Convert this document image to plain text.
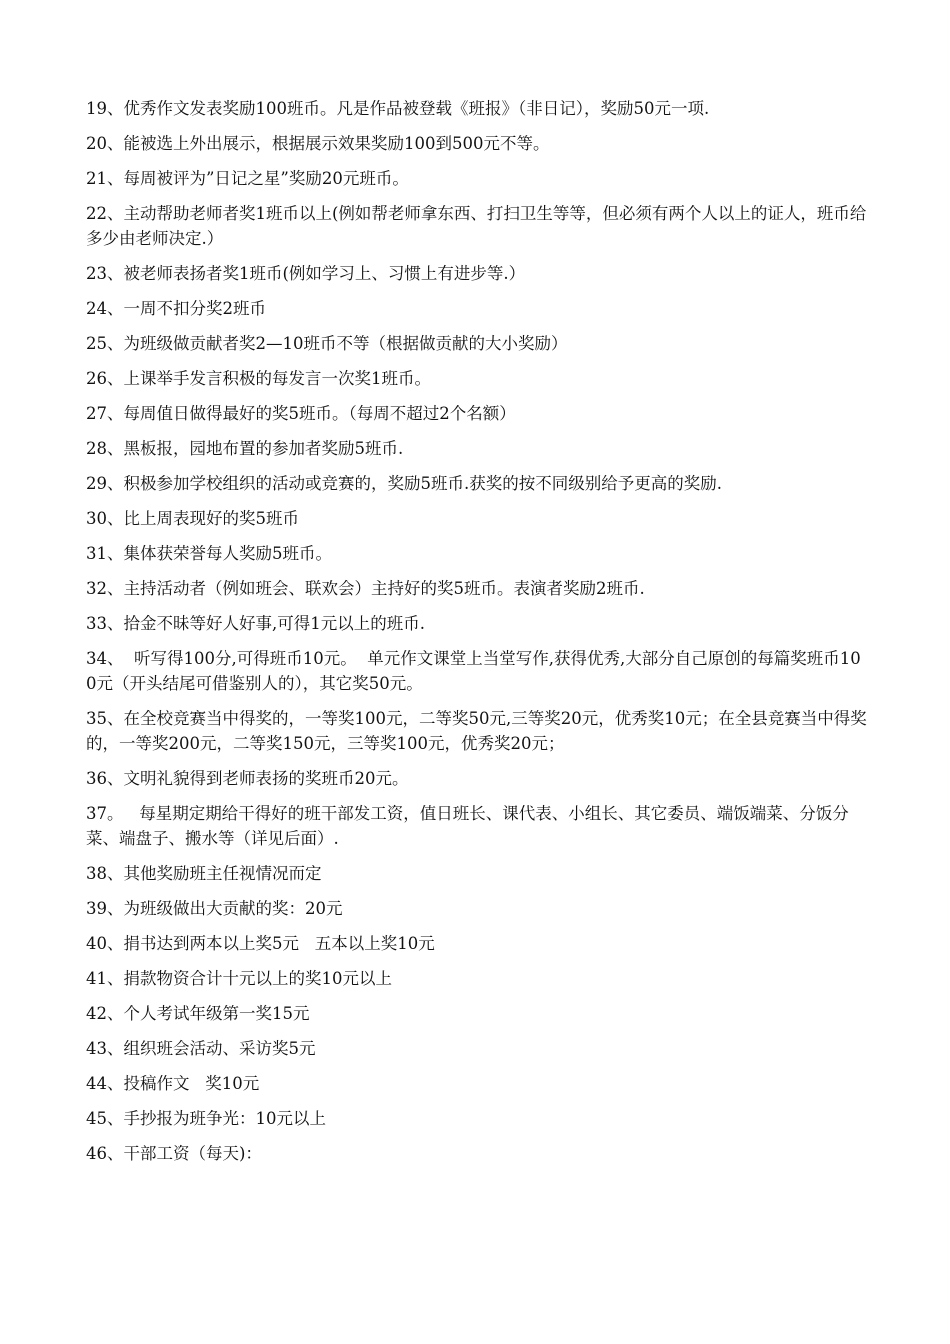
19、优秀作文发表奖励100班币。凡是作品被登载《班报》（非日记），奖励50元一项.

20、能被选上外出展示，根据展示效果奖励100到500元不等。

21、每周被评为”日记之星”奖励20元班币。

22、主动帮助老师者奖1班币以上(例如帮老师拿东西、打扫卫生等等，但必须有两个人以上的证人，班币给多少由老师决定.）

23、被老师表扬者奖1班币(例如学习上、习惯上有进步等.）

24、一周不扣分奖2班币

25、为班级做贡献者奖2—10班币不等（根据做贡献的大小奖励）

26、上课举手发言积极的每发言一次奖1班币。

27、每周值日做得最好的奖5班币。（每周不超过2个名额）

28、黑板报，园地布置的参加者奖励5班币.

29、积极参加学校组织的活动或竞赛的，奖励5班币.获奖的按不同级别给予更高的奖励.

30、比上周表现好的奖5班币

31、集体获荣誉每人奖励5班币。

32、主持活动者（例如班会、联欢会）主持好的奖5班币。表演者奖励2班币.

33、拾金不昧等好人好事,可得1元以上的班币.

34、  听写得100分,可得班币10元。  单元作文课堂上当堂写作,获得优秀,大部分自己原创的每篇奖班币100元（开头结尾可借鉴别人的），其它奖50元。

35、在全校竞赛当中得奖的，一等奖100元，二等奖50元,三等奖20元，优秀奖10元；在全县竞赛当中得奖的，一等奖200元，二等奖150元，三等奖100元，优秀奖20元；

36、文明礼貌得到老师表扬的奖班币20元。

37。   每星期定期给干得好的班干部发工资，值日班长、课代表、小组长、其它委员、端饭端菜、分饭分菜、端盘子、搬水等（详见后面）.

38、其他奖励班主任视情况而定

39、为班级做出大贡献的奖：20元

40、捐书达到两本以上奖5元   五本以上奖10元

41、捐款物资合计十元以上的奖10元以上

42、个人考试年级第一奖15元

43、组织班会活动、采访奖5元

44、投稿作文   奖10元

45、手抄报为班争光：10元以上

46、干部工资（每天)：
